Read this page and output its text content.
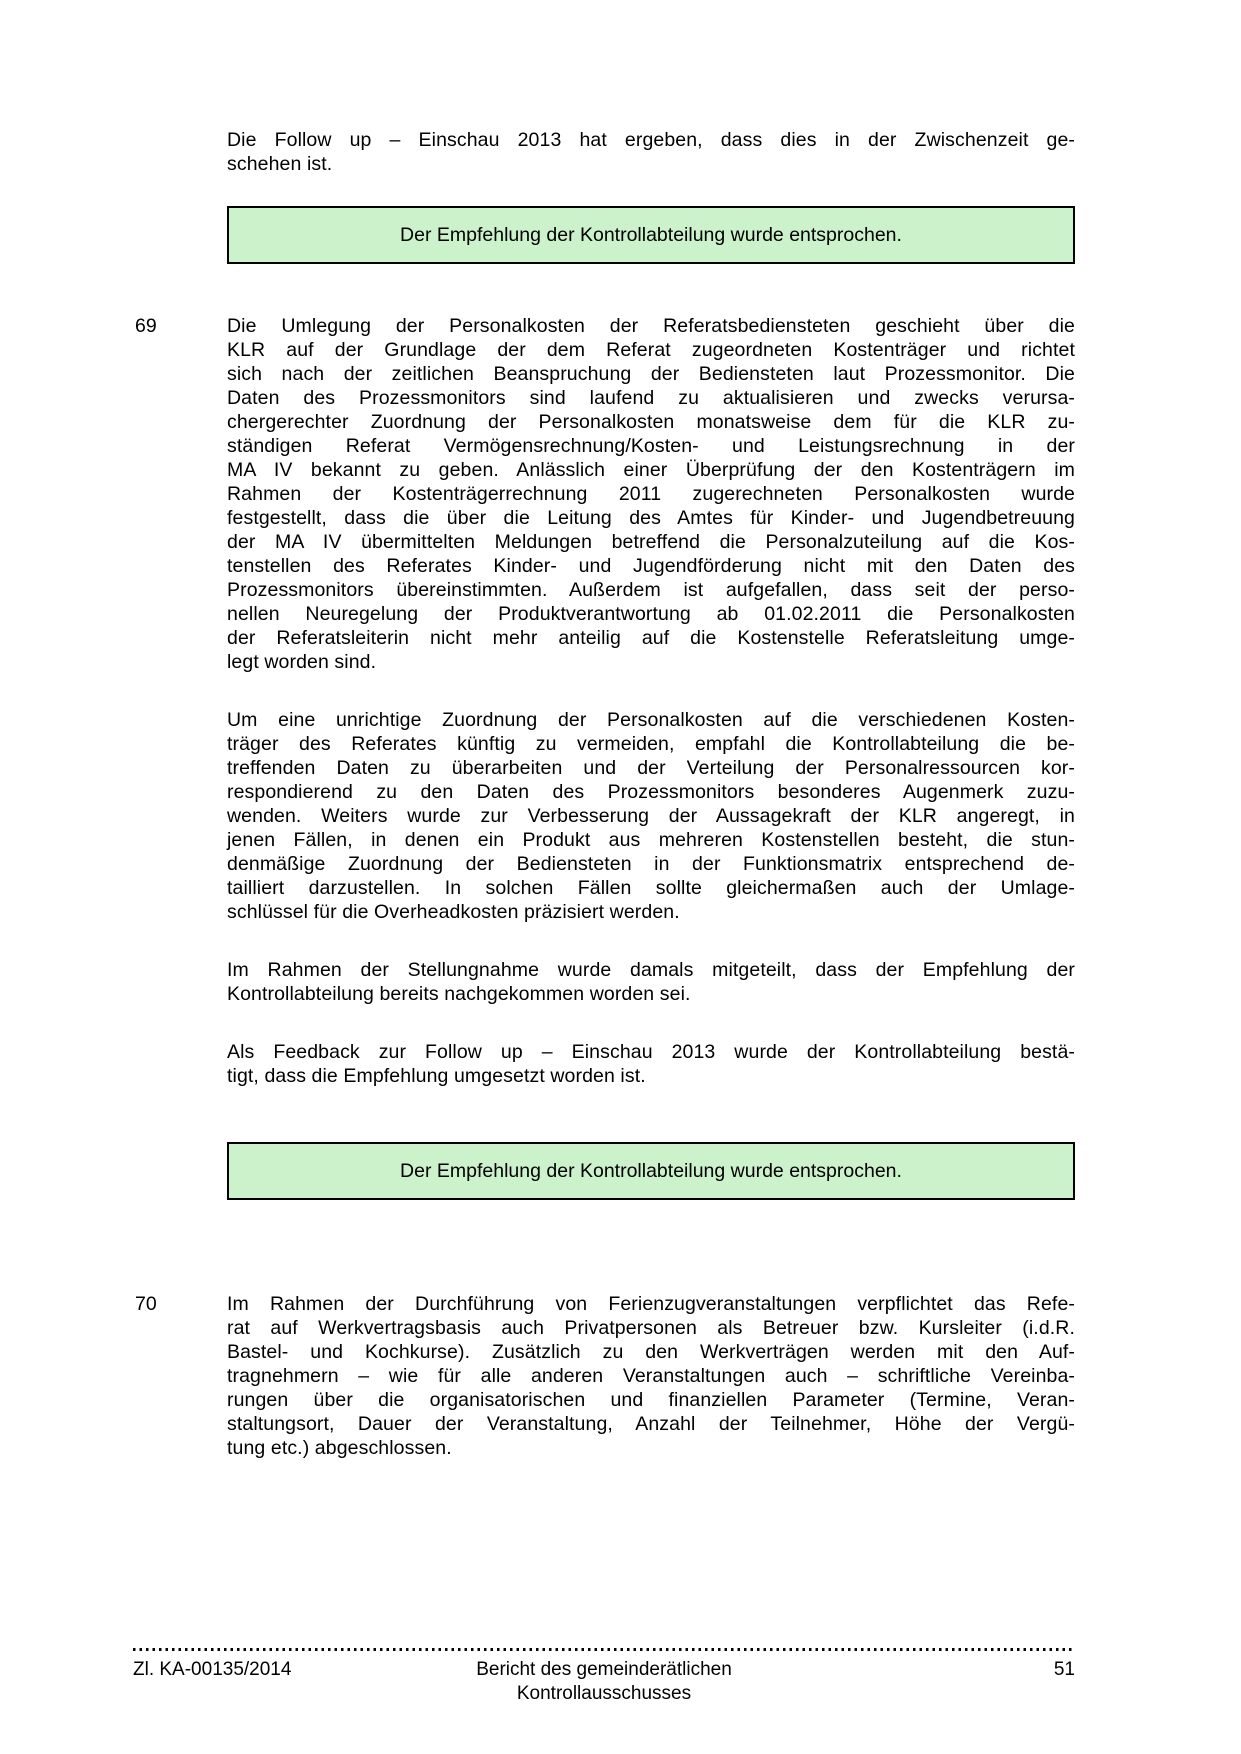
Die Follow up – Einschau 2013 hat ergeben, dass dies in der Zwischenzeit ge-
schehen ist.
Der Empfehlung der Kontrollabteilung wurde entsprochen.
69	Die Umlegung der Personalkosten der Referatsbediensteten geschieht über die
KLR auf der Grundlage der dem Referat zugeordneten Kostenträger und richtet
sich nach der zeitlichen Beanspruchung der Bediensteten laut Prozessmonitor. Die
Daten des Prozessmonitors sind laufend zu aktualisieren und zwecks verursa-
chergerechter Zuordnung der Personalkosten monatsweise dem für die KLR zu-
ständigen Referat Vermögensrechnung/Kosten- und Leistungsrechnung in der
MA IV bekannt zu geben. Anlässlich einer Überprüfung der den Kostenträgern im
Rahmen der Kostenträgerrechnung 2011 zugerechneten Personalkosten wurde
festgestellt, dass die über die Leitung des Amtes für Kinder- und Jugendbetreuung
der MA IV übermittelten Meldungen betreffend die Personalzuteilung auf die Kos-
tenstellen des Referates Kinder- und Jugendförderung nicht mit den Daten des
Prozessmonitors übereinstimmten. Außerdem ist aufgefallen, dass seit der perso-
nellen Neuregelung der Produktverantwortung ab 01.02.2011 die Personalkosten
der Referatsleiterin nicht mehr anteilig auf die Kostenstelle Referatsleitung umge-
legt worden sind.
Um eine unrichtige Zuordnung der Personalkosten auf die verschiedenen Kosten-
träger des Referates künftig zu vermeiden, empfahl die Kontrollabteilung die be-
treffenden Daten zu überarbeiten und der Verteilung der Personalressourcen kor-
respondierend zu den Daten des Prozessmonitors besonderes Augenmerk zuzu-
wenden. Weiters wurde zur Verbesserung der Aussagekraft der KLR angeregt, in
jenen Fällen, in denen ein Produkt aus mehreren Kostenstellen besteht, die stun-
denmäßige Zuordnung der Bediensteten in der Funktionsmatrix entsprechend de-
tailliert darzustellen. In solchen Fällen sollte gleichermaßen auch der Umlage-
schlüssel für die Overheadkosten präzisiert werden.
Im Rahmen der Stellungnahme wurde damals mitgeteilt, dass der Empfehlung der
Kontrollabteilung bereits nachgekommen worden sei.
Als Feedback zur Follow up – Einschau 2013 wurde der Kontrollabteilung bestä-
tigt, dass die Empfehlung umgesetzt worden ist.
Der Empfehlung der Kontrollabteilung wurde entsprochen.
70	Im Rahmen der Durchführung von Ferienzugveranstaltungen verpflichtet das Refe-
rat auf Werkvertragsbasis auch Privatpersonen als Betreuer bzw. Kursleiter (i.d.R.
Bastel- und Kochkurse). Zusätzlich zu den Werkverträgen werden mit den Auf-
tragnehmern – wie für alle anderen Veranstaltungen auch – schriftliche Vereinba-
rungen über die organisatorischen und finanziellen Parameter (Termine, Veran-
staltungsort, Dauer der Veranstaltung, Anzahl der Teilnehmer, Höhe der Vergü-
tung etc.) abgeschlossen.
Zl. KA-00135/2014	Bericht des gemeinderätlichen Kontrollausschusses
51
